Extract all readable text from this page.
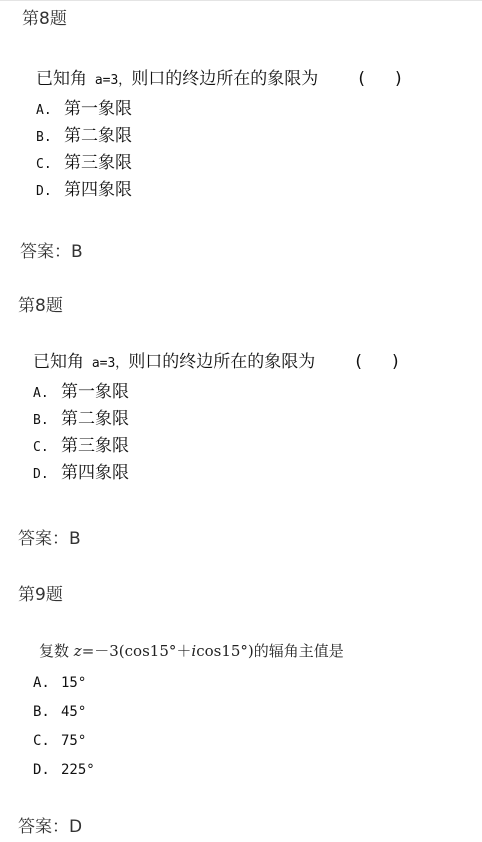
第8题
已知角 a=3，则口的终边所在的象限为 ( )
A. 第一象限
B. 第二象限
C. 第三象限
D. 第四象限
答案：B
第8题
已知角 a=3，则口的终边所在的象限为 ( )
A. 第一象限
B. 第二象限
C. 第三象限
D. 第四象限
答案：B
第9题
复数 z=－3(cos15°＋icos15°)的辐角主值是
A. 15°
B. 45°
C. 75°
D. 225°
答案：D
